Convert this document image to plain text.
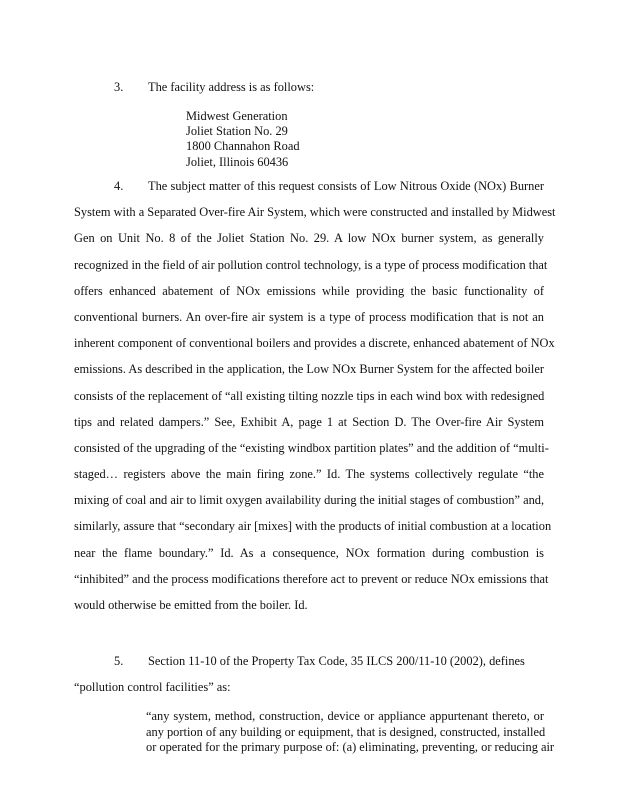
3. The facility address is as follows:
Midwest Generation
Joliet Station No. 29
1800 Channahon Road
Joliet, Illinois 60436
4. The subject matter of this request consists of Low Nitrous Oxide (NOx) Burner
System with a Separated Over-fire Air System, which were constructed and installed by Midwest
Gen on Unit No. 8 of the Joliet Station No. 29. A low NOx burner system, as generally
recognized in the field of air pollution control technology, is a type of process modification that
offers enhanced abatement of NOx emissions while providing the basic functionality of
conventional burners. An over-fire air system is a type of process modification that is not an
inherent component of conventional boilers and provides a discrete, enhanced abatement of NOx
emissions. As described in the application, the Low NOx Burner System for the affected boiler
consists of the replacement of “all existing tilting nozzle tips in each wind box with redesigned
tips and related dampers.” See, Exhibit A, page 1 at Section D. The Over-fire Air System
consisted of the upgrading of the “existing windbox partition plates” and the addition of “multi-
staged… registers above the main firing zone.” Id. The systems collectively regulate “the
mixing of coal and air to limit oxygen availability during the initial stages of combustion” and,
similarly, assure that “secondary air [mixes] with the products of initial combustion at a location
near the flame boundary.” Id. As a consequence, NOx formation during combustion is
“inhibited” and the process modifications therefore act to prevent or reduce NOx emissions that
would otherwise be emitted from the boiler. Id.
5. Section 11-10 of the Property Tax Code, 35 ILCS 200/11-10 (2002), defines
“pollution control facilities” as:
“any system, method, construction, device or appliance appurtenant thereto, or
any portion of any building or equipment, that is designed, constructed, installed
or operated for the primary purpose of: (a) eliminating, preventing, or reducing air
